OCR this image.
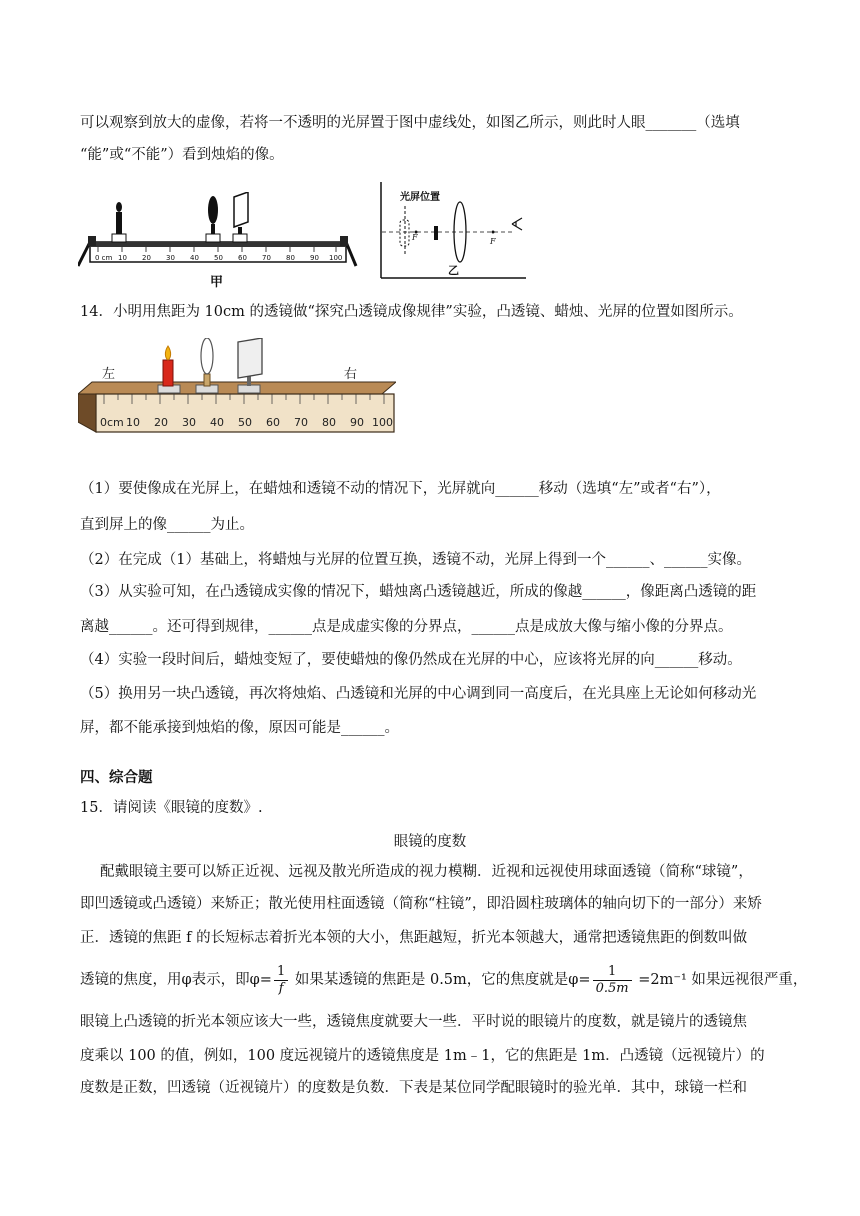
可以观察到放大的虚像，若将一不透明的光屏置于图中虚线处，如图乙所示，则此时人眼_______（选填
“能”或“不能”）看到烛焰的像。
0 cm 10 20 30 40 50 60 70 80 90 100
甲
光屏位置
F	F
乙
14．小明用焦距为 10cm 的透镜做“探究凸透镜成像规律”实验，凸透镜、蜡烛、光屏的位置如图所示。
0cm 10 20 30 40 50 60 70 80 90 100
左	右
（1）要使像成在光屏上，在蜡烛和透镜不动的情况下，光屏就向______移动（选填“左”或者“右”），
直到屏上的像______为止。
（2）在完成（1）基础上，将蜡烛与光屏的位置互换，透镜不动，光屏上得到一个______、______实像。
（3）从实验可知，在凸透镜成实像的情况下，蜡烛离凸透镜越近，所成的像越______，像距离凸透镜的距
离越______。还可得到规律，______点是成虚实像的分界点，______点是成放大像与缩小像的分界点。
（4）实验一段时间后，蜡烛变短了，要使蜡烛的像仍然成在光屏的中心，应该将光屏的向______移动。
（5）换用另一块凸透镜，再次将烛焰、凸透镜和光屏的中心调到同一高度后，在光具座上无论如何移动光
屏，都不能承接到烛焰的像，原因可能是______。
四、综合题
15．请阅读《眼镜的度数》.
眼镜的度数
配戴眼镜主要可以矫正近视、远视及散光所造成的视力模糊．近视和远视使用球面透镜（简称“球镜”，
即凹透镜或凸透镜）来矫正；散光使用柱面透镜（简称“柱镜”，即沿圆柱玻璃体的轴向切下的一部分）来矫
正．透镜的焦距 f 的长短标志着折光本领的大小，焦距越短，折光本领越大，通常把透镜焦距的倒数叫做
透镜的焦度，用φ表示，即$\varphi= \frac{1}{f}$ 如果某透镜的焦距是 0.5m，它的焦度就是$\varphi= \frac{1}{0.5m} =2m^{-1}$ 如果远视很严重，
眼镜上凸透镜的折光本领应该大一些，透镜焦度就要大一些．平时说的眼镜片的度数，就是镜片的透镜焦
度乘以 100 的值，例如，100 度远视镜片的透镜焦度是 1m﹣1，它的焦距是 1m．凸透镜（远视镜片）的
度数是正数，凹透镜（近视镜片）的度数是负数．下表是某位同学配眼镜时的验光单．其中，球镜一栏和
